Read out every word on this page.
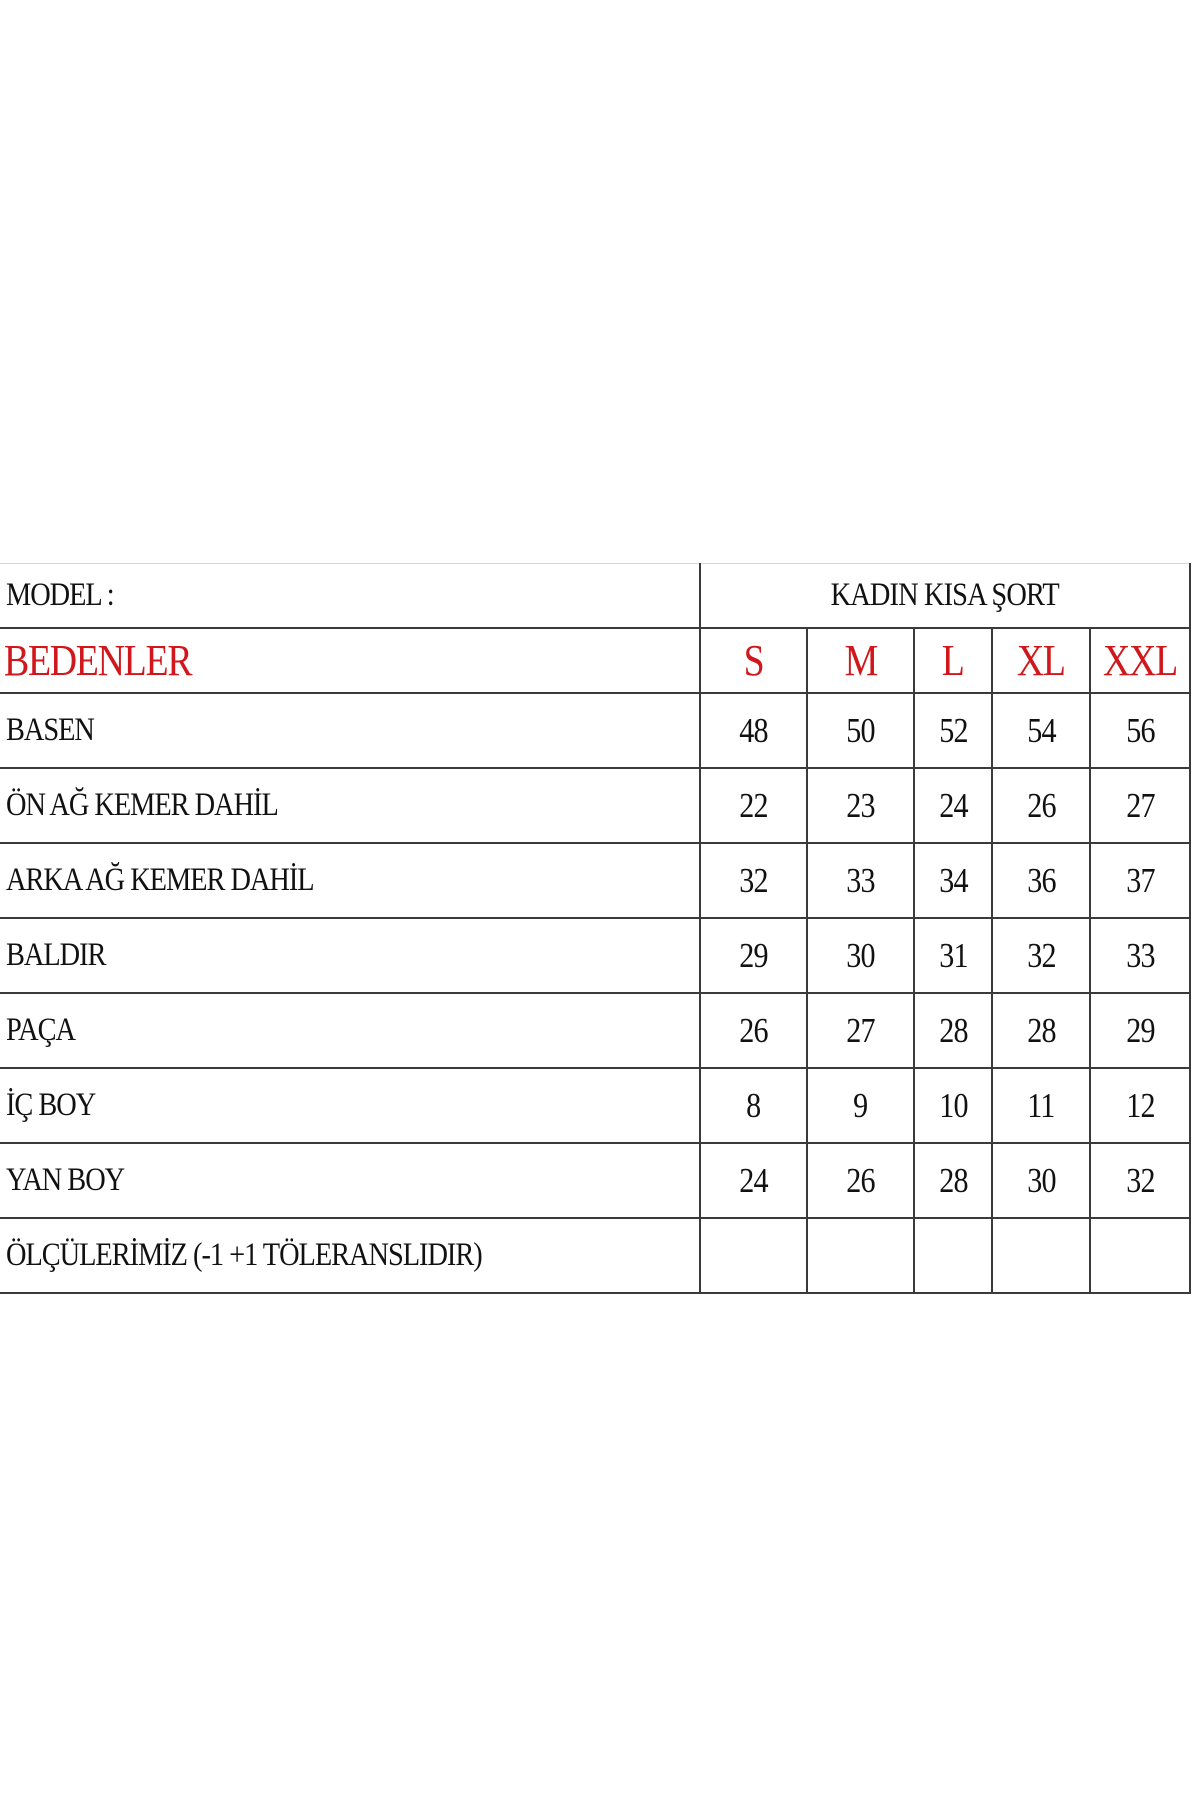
MODEL :	KADIN KISA ŞORT				
BEDENLER	S	M	L	XL	XXL
BASEN	48	50	52	54	56
ÖN AĞ KEMER DAHİL	22	23	24	26	27
ARKA AĞ KEMER DAHİL	32	33	34	36	37
BALDIR	29	30	31	32	33
PAÇA	26	27	28	28	29
İÇ BOY	8	9	10	11	12
YAN BOY	24	26	28	30	32
ÖLÇÜLERİMİZ (-1 +1 TÖLERANSLIDIR)					
